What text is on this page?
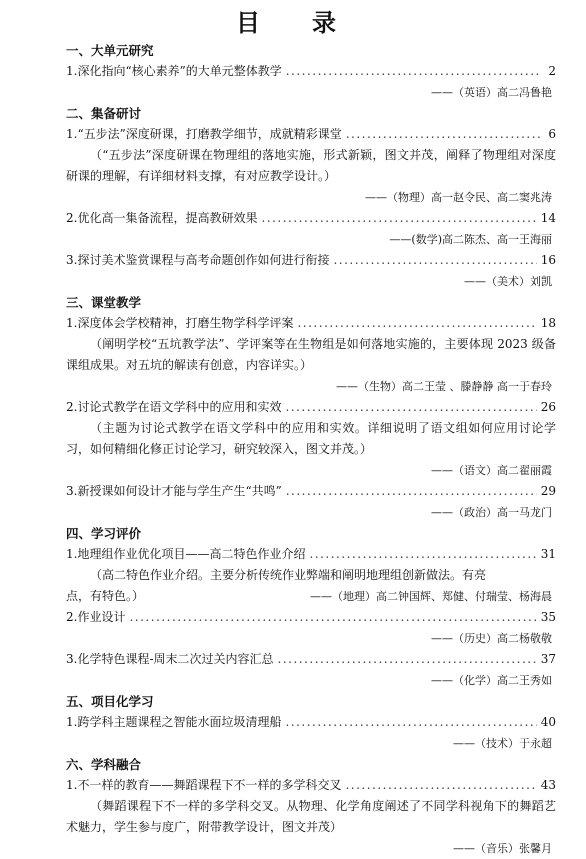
目　录
一、大单元研究
1.深化指向“核心素养”的大单元整体教学 .....	2
——（英语）高二冯鲁艳
二、集备研讨
1.“五步法”深度研课，打磨教学细节，成就精彩课堂 .....	6
（“五步法”深度研课在物理组的落地实施，形式新颖，图文并茂，阐释了物理组对深度研课的理解，有详细材料支撑，有对应教学设计。）
——（物理）高一赵令民、高二窦兆涛
2.优化高一集备流程，提高教研效果 .....	14
——(数学)高二陈杰、高一王海丽
3.探讨美术鉴赏课程与高考命题创作如何进行衔接 .....	16
——（美术）刘凯
三、课堂教学
1.深度体会学校精神，打磨生物学科学评案 .....	18
（阐明学校“五坑教学法”、学评案等在生物组是如何落地实施的，主要体现 2023 级备课组成果。对五坑的解读有创意，内容详实。）
——（生物）高二王莹 、滕静静 高一于春玲
2.讨论式教学在语文学科中的应用和实效 .....	26
（主题为讨论式教学在语文学科中的应用和实效。详细说明了语文组如何应用讨论学习，如何精细化修正讨论学习，研究较深入，图文并茂。）
——（语文）高二翟丽霞
3.新授课如何设计才能与学生产生“共鸣” .....	29
——（政治）高一马龙门
四、学习评价
1.地理组作业优化项目——高二特色作业介绍 .....	31
（高二特色作业介绍。主要分析传统作业弊端和阐明地理组创新做法。有亮
点，有特色。）	——（地理）高二钟国辉、郑健、付瑞莹、杨海晨
2.作业设计 .....	35
——（历史）高二杨敬敬
3.化学特色课程-周末二次过关内容汇总 .....	37
——（化学）高二王秀如
五、项目化学习
1.跨学科主题课程之智能水面垃圾清理船 .....	40
——（技术）于永超
六、学科融合
1.不一样的教育——舞蹈课程下不一样的多学科交叉 .....	43
（舞蹈课程下不一样的多学科交叉。从物理、化学角度阐述了不同学科视角下的舞蹈艺术魅力，学生参与度广，附带教学设计，图文并茂）
——（音乐）张馨月
